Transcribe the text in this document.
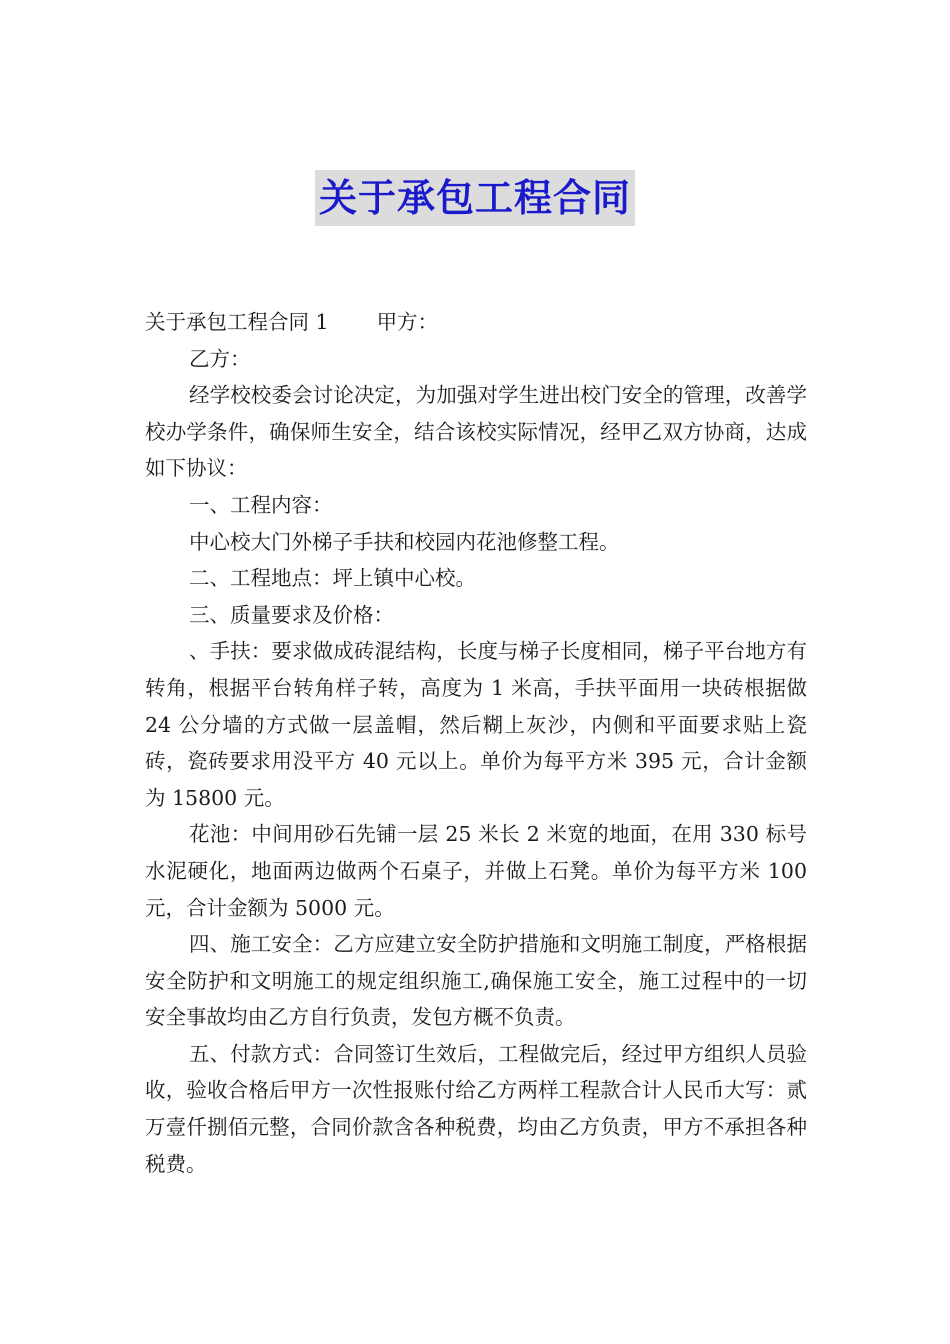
关于承包工程合同

关于承包工程合同 1 甲方：

乙方：

经学校校委会讨论决定，为加强对学生进出校门安全的管理，改善学校办学条件，确保师生安全，结合该校实际情况，经甲乙双方协商，达成如下协议：

一、工程内容：

中心校大门外梯子手扶和校园内花池修整工程。

二、工程地点：坪上镇中心校。

三、质量要求及价格：

、手扶：要求做成砖混结构，长度与梯子长度相同，梯子平台地方有转角，根据平台转角样子转，高度为 1 米高，手扶平面用一块砖根据做 24 公分墙的方式做一层盖帽，然后糊上灰沙，内侧和平面要求贴上瓷砖，瓷砖要求用没平方 40 元以上。单价为每平方米 395 元，合计金额为 15800 元。

花池：中间用砂石先铺一层 25 米长 2 米宽的地面，在用 330 标号水泥硬化，地面两边做两个石桌子，并做上石凳。单价为每平方米 100 元，合计金额为 5000 元。

四、施工安全：乙方应建立安全防护措施和文明施工制度，严格根据安全防护和文明施工的规定组织施工,确保施工安全，施工过程中的一切安全事故均由乙方自行负责，发包方概不负责。

五、付款方式：合同签订生效后，工程做完后，经过甲方组织人员验收，验收合格后甲方一次性报账付给乙方两样工程款合计人民币大写：贰万壹仟捌佰元整，合同价款含各种税费，均由乙方负责，甲方不承担各种税费。
